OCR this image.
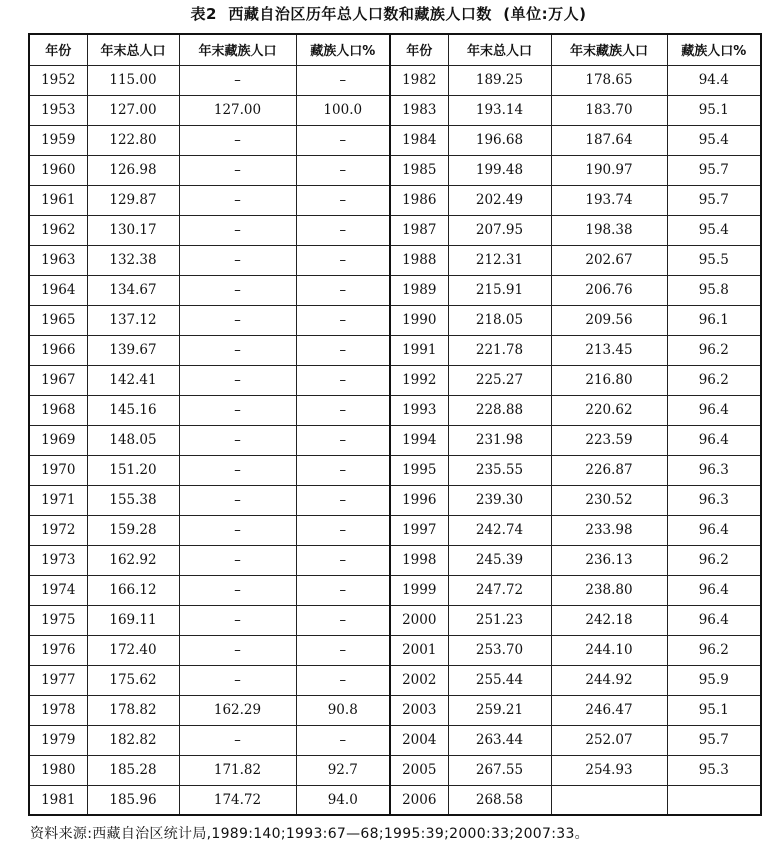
表2  西藏自治区历年总人口数和藏族人口数  (单位:万人)
年份	年末总人口	年末藏族人口	藏族人口%	年份	年末总人口	年末藏族人口	藏族人口%
1952	115.00	–	–	1982	189.25	178.65	94.4
1953	127.00	127.00	100.0	1983	193.14	183.70	95.1
1959	122.80	–	–	1984	196.68	187.64	95.4
1960	126.98	–	–	1985	199.48	190.97	95.7
1961	129.87	–	–	1986	202.49	193.74	95.7
1962	130.17	–	–	1987	207.95	198.38	95.4
1963	132.38	–	–	1988	212.31	202.67	95.5
1964	134.67	–	–	1989	215.91	206.76	95.8
1965	137.12	–	–	1990	218.05	209.56	96.1
1966	139.67	–	–	1991	221.78	213.45	96.2
1967	142.41	–	–	1992	225.27	216.80	96.2
1968	145.16	–	–	1993	228.88	220.62	96.4
1969	148.05	–	–	1994	231.98	223.59	96.4
1970	151.20	–	–	1995	235.55	226.87	96.3
1971	155.38	–	–	1996	239.30	230.52	96.3
1972	159.28	–	–	1997	242.74	233.98	96.4
1973	162.92	–	–	1998	245.39	236.13	96.2
1974	166.12	–	–	1999	247.72	238.80	96.4
1975	169.11	–	–	2000	251.23	242.18	96.4
1976	172.40	–	–	2001	253.70	244.10	96.2
1977	175.62	–	–	2002	255.44	244.92	95.9
1978	178.82	162.29	90.8	2003	259.21	246.47	95.1
1979	182.82	–	–	2004	263.44	252.07	95.7
1980	185.28	171.82	92.7	2005	267.55	254.93	95.3
1981	185.96	174.72	94.0	2006	268.58		
资料来源:西藏自治区统计局,1989:140;1993:67—68;1995:39;2000:33;2007:33。
